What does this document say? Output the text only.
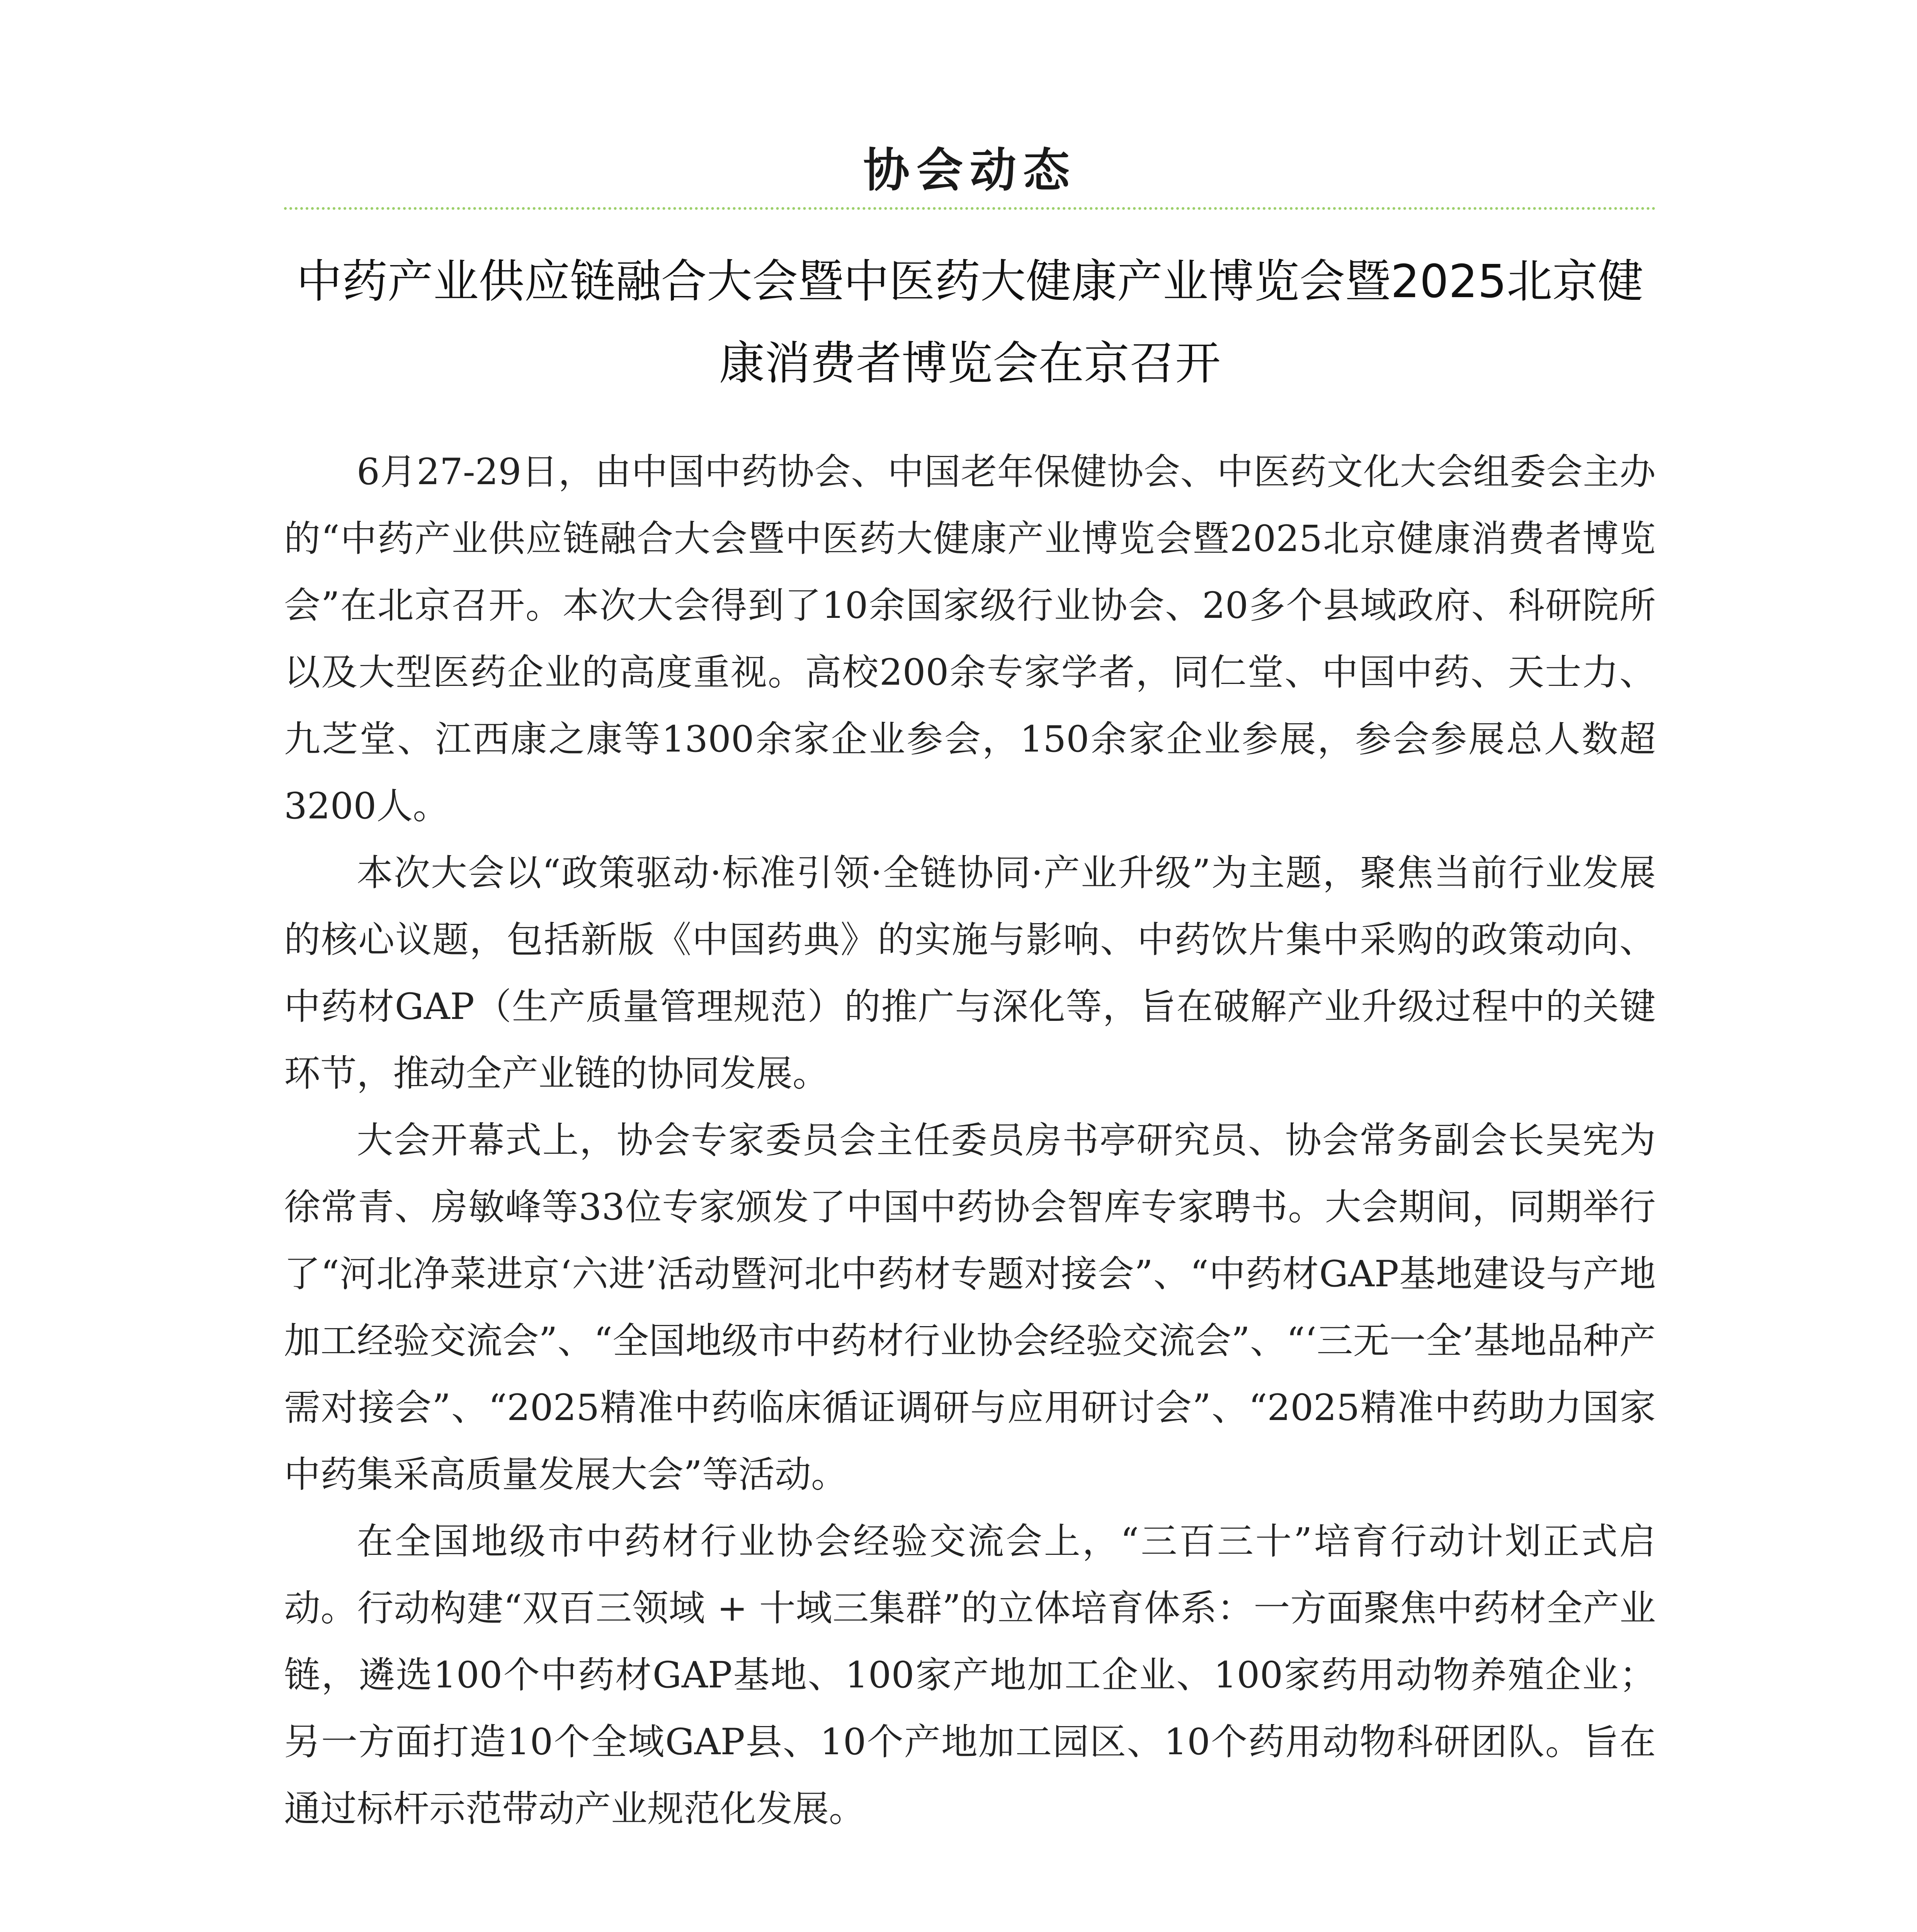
协会动态
中药产业供应链融合大会暨中医药大健康产业博览会暨2025北京健康消费者博览会在京召开

6月27-29日，由中国中药协会、中国老年保健协会、中医药文化大会组委会主办的“中药产业供应链融合大会暨中医药大健康产业博览会暨2025北京健康消费者博览会”在北京召开。本次大会得到了10余国家级行业协会、20多个县域政府、科研院所以及大型医药企业的高度重视。高校200余专家学者，同仁堂、中国中药、天士力、九芝堂、江西康之康等1300余家企业参会，150余家企业参展，参会参展总人数超3200人。

本次大会以“政策驱动·标准引领·全链协同·产业升级”为主题，聚焦当前行业发展的核心议题，包括新版《中国药典》的实施与影响、中药饮片集中采购的政策动向、中药材GAP（生产质量管理规范）的推广与深化等，旨在破解产业升级过程中的关键环节，推动全产业链的协同发展。

大会开幕式上，协会专家委员会主任委员房书亭研究员、协会常务副会长吴宪为徐常青、房敏峰等33位专家颁发了中国中药协会智库专家聘书。大会期间，同期举行了“河北净菜进京‘六进’活动暨河北中药材专题对接会”、“中药材GAP基地建设与产地加工经验交流会”、“全国地级市中药材行业协会经验交流会”、“‘三无一全’基地品种产需对接会”、“2025精准中药临床循证调研与应用研讨会”、“2025精准中药助力国家中药集采高质量发展大会”等活动。

在全国地级市中药材行业协会经验交流会上，“三百三十”培育行动计划正式启动。行动构建“双百三领域 + 十域三集群”的立体培育体系：一方面聚焦中药材全产业链，遴选100个中药材GAP基地、100家产地加工企业、100家药用动物养殖企业；另一方面打造10个全域GAP县、10个产地加工园区、10个药用动物科研团队。旨在通过标杆示范带动产业规范化发展。
